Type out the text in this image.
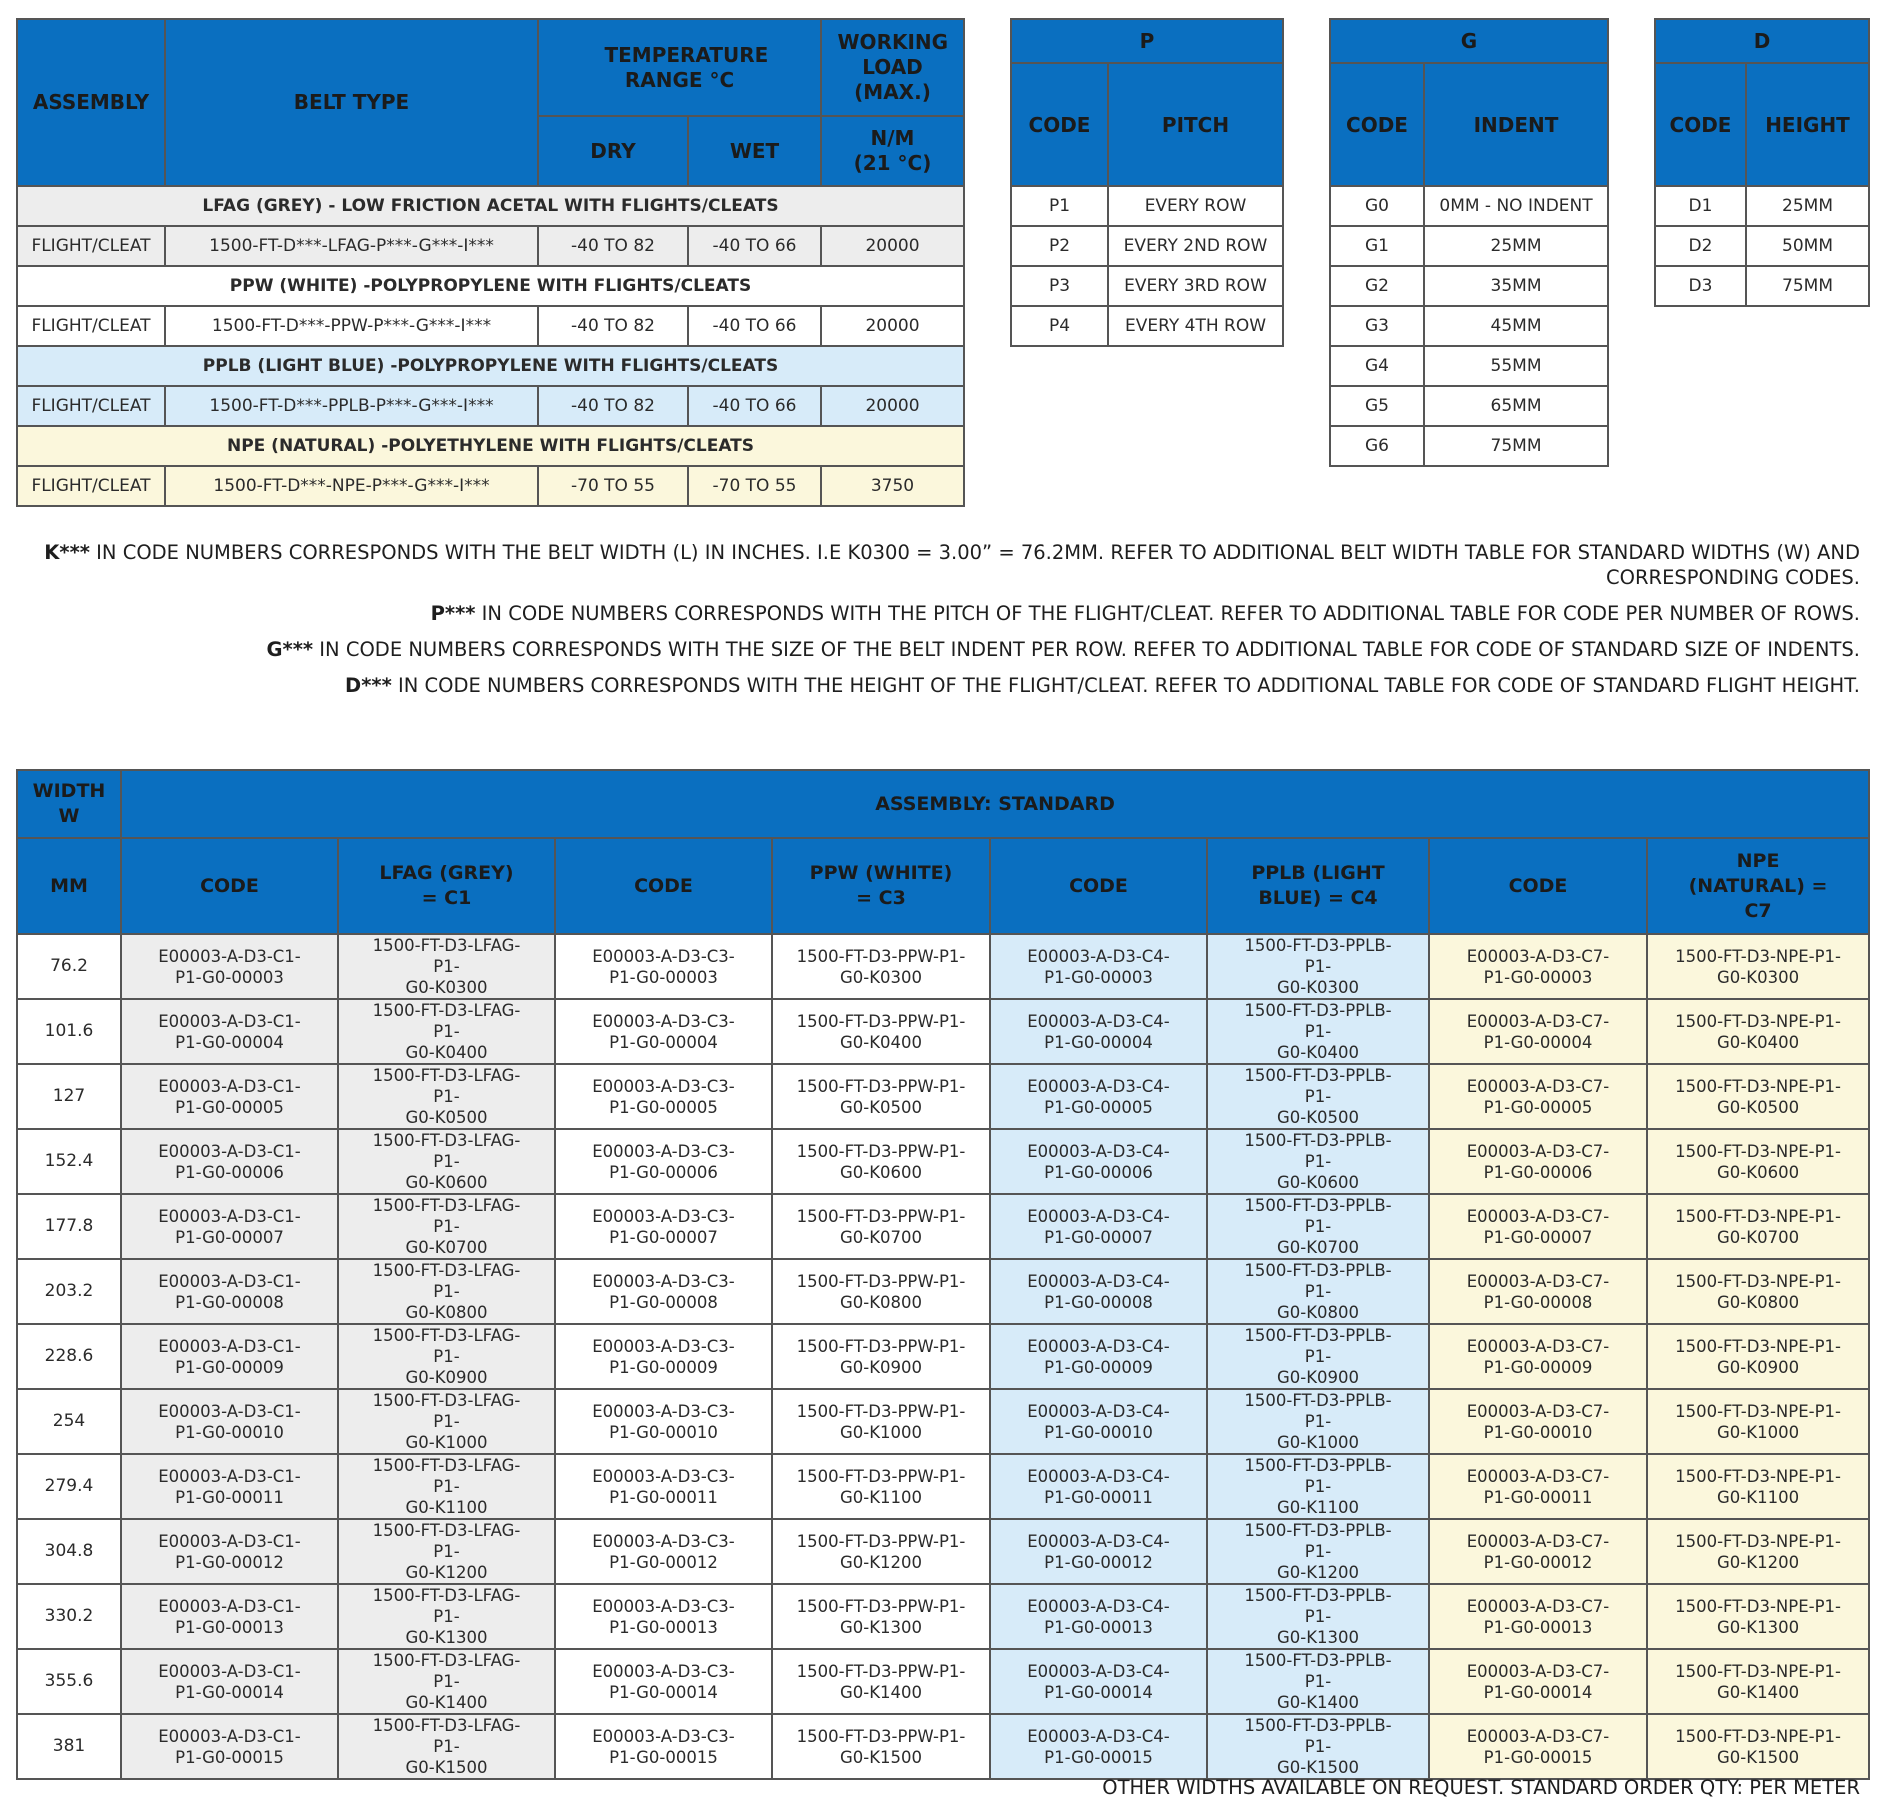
ASSEMBLY	BELT TYPE	TEMPERATURE RANGE °C		WORKING LOAD (MAX.)

		DRY	WET	N/M (21 °C)

LFAG (GREY) - LOW FRICTION ACETAL WITH FLIGHTS/CLEATS				
FLIGHT/CLEAT	1500-FT-D***-LFAG-P***-G***-I***	-40 TO 82	-40 TO 66	20000
PPW (WHITE) -POLYPROPYLENE WITH FLIGHTS/CLEATS				
FLIGHT/CLEAT	1500-FT-D***-PPW-P***-G***-I***	-40 TO 82	-40 TO 66	20000
PPLB (LIGHT BLUE) -POLYPROPYLENE WITH FLIGHTS/CLEATS				
FLIGHT/CLEAT	1500-FT-D***-PPLB-P***-G***-I***	-40 TO 82	-40 TO 66	20000
NPE (NATURAL) -POLYETHYLENE WITH FLIGHTS/CLEATS				
FLIGHT/CLEAT	1500-FT-D***-NPE-P***-G***-I***	-70 TO 55	-70 TO 55	3750
P	
CODE	PITCH
P1	EVERY ROW
P2	EVERY 2ND ROW
P3	EVERY 3RD ROW
P4	EVERY 4TH ROW
G	
CODE	INDENT
G0	0MM - NO INDENT
G1	25MM
G2	35MM
G3	45MM
G4	55MM
G5	65MM
G6	75MM
D	
CODE	HEIGHT
D1	25MM
D2	50MM
D3	75MM

K*** IN CODE NUMBERS CORRESPONDS WITH THE BELT WIDTH (L) IN INCHES. I.E K0300 = 3.00” = 76.2MM. REFER TO ADDITIONAL BELT WIDTH TABLE FOR STANDARD WIDTHS (W) AND CORRESPONDING CODES.

P*** IN CODE NUMBERS CORRESPONDS WITH THE PITCH OF THE FLIGHT/CLEAT. REFER TO ADDITIONAL TABLE FOR CODE PER NUMBER OF ROWS.

G*** IN CODE NUMBERS CORRESPONDS WITH THE SIZE OF THE BELT INDENT PER ROW. REFER TO ADDITIONAL TABLE FOR CODE OF STANDARD SIZE OF INDENTS.

D*** IN CODE NUMBERS CORRESPONDS WITH THE HEIGHT OF THE FLIGHT/CLEAT. REFER TO ADDITIONAL TABLE FOR CODE OF STANDARD FLIGHT HEIGHT.

WIDTH W	ASSEMBLY: STANDARD							

MM	CODE	LFAG (GREY) = C1	CODE	PPW (WHITE) = C3	CODE	PPLB (LIGHT BLUE) = C4	CODE	NPE (NATURAL) = C7

76.2	E00003-A-D3-C1-
P1-G0-00003	1500-FT-D3-LFAG-P1-
G0-K0300	E00003-A-D3-C3-
P1-G0-00003	1500-FT-D3-PPW-P1-
G0-K0300	E00003-A-D3-C4-
P1-G0-00003	1500-FT-D3-PPLB-P1-
G0-K0300	E00003-A-D3-C7-
P1-G0-00003	1500-FT-D3-NPE-P1-
G0-K0300

101.6	E00003-A-D3-C1-
P1-G0-00004	1500-FT-D3-LFAG-P1-
G0-K0400	E00003-A-D3-C3-
P1-G0-00004	1500-FT-D3-PPW-P1-
G0-K0400	E00003-A-D3-C4-
P1-G0-00004	1500-FT-D3-PPLB-P1-
G0-K0400	E00003-A-D3-C7-
P1-G0-00004	1500-FT-D3-NPE-P1-
G0-K0400

127	E00003-A-D3-C1-
P1-G0-00005	1500-FT-D3-LFAG-P1-
G0-K0500	E00003-A-D3-C3-
P1-G0-00005	1500-FT-D3-PPW-P1-
G0-K0500	E00003-A-D3-C4-
P1-G0-00005	1500-FT-D3-PPLB-P1-
G0-K0500	E00003-A-D3-C7-
P1-G0-00005	1500-FT-D3-NPE-P1-
G0-K0500

152.4	E00003-A-D3-C1-
P1-G0-00006	1500-FT-D3-LFAG-P1-
G0-K0600	E00003-A-D3-C3-
P1-G0-00006	1500-FT-D3-PPW-P1-
G0-K0600	E00003-A-D3-C4-
P1-G0-00006	1500-FT-D3-PPLB-P1-
G0-K0600	E00003-A-D3-C7-
P1-G0-00006	1500-FT-D3-NPE-P1-
G0-K0600

177.8	E00003-A-D3-C1-
P1-G0-00007	1500-FT-D3-LFAG-P1-
G0-K0700	E00003-A-D3-C3-
P1-G0-00007	1500-FT-D3-PPW-P1-
G0-K0700	E00003-A-D3-C4-
P1-G0-00007	1500-FT-D3-PPLB-P1-
G0-K0700	E00003-A-D3-C7-
P1-G0-00007	1500-FT-D3-NPE-P1-
G0-K0700

203.2	E00003-A-D3-C1-
P1-G0-00008	1500-FT-D3-LFAG-P1-
G0-K0800	E00003-A-D3-C3-
P1-G0-00008	1500-FT-D3-PPW-P1-
G0-K0800	E00003-A-D3-C4-
P1-G0-00008	1500-FT-D3-PPLB-P1-
G0-K0800	E00003-A-D3-C7-
P1-G0-00008	1500-FT-D3-NPE-P1-
G0-K0800

228.6	E00003-A-D3-C1-
P1-G0-00009	1500-FT-D3-LFAG-P1-
G0-K0900	E00003-A-D3-C3-
P1-G0-00009	1500-FT-D3-PPW-P1-
G0-K0900	E00003-A-D3-C4-
P1-G0-00009	1500-FT-D3-PPLB-P1-
G0-K0900	E00003-A-D3-C7-
P1-G0-00009	1500-FT-D3-NPE-P1-
G0-K0900

254	E00003-A-D3-C1-
P1-G0-00010	1500-FT-D3-LFAG-P1-
G0-K1000	E00003-A-D3-C3-
P1-G0-00010	1500-FT-D3-PPW-P1-
G0-K1000	E00003-A-D3-C4-
P1-G0-00010	1500-FT-D3-PPLB-P1-
G0-K1000	E00003-A-D3-C7-
P1-G0-00010	1500-FT-D3-NPE-P1-
G0-K1000

279.4	E00003-A-D3-C1-
P1-G0-00011	1500-FT-D3-LFAG-P1-
G0-K1100	E00003-A-D3-C3-
P1-G0-00011	1500-FT-D3-PPW-P1-
G0-K1100	E00003-A-D3-C4-
P1-G0-00011	1500-FT-D3-PPLB-P1-
G0-K1100	E00003-A-D3-C7-
P1-G0-00011	1500-FT-D3-NPE-P1-
G0-K1100

304.8	E00003-A-D3-C1-
P1-G0-00012	1500-FT-D3-LFAG-P1-
G0-K1200	E00003-A-D3-C3-
P1-G0-00012	1500-FT-D3-PPW-P1-
G0-K1200	E00003-A-D3-C4-
P1-G0-00012	1500-FT-D3-PPLB-P1-
G0-K1200	E00003-A-D3-C7-
P1-G0-00012	1500-FT-D3-NPE-P1-
G0-K1200

330.2	E00003-A-D3-C1-
P1-G0-00013	1500-FT-D3-LFAG-P1-
G0-K1300	E00003-A-D3-C3-
P1-G0-00013	1500-FT-D3-PPW-P1-
G0-K1300	E00003-A-D3-C4-
P1-G0-00013	1500-FT-D3-PPLB-P1-
G0-K1300	E00003-A-D3-C7-
P1-G0-00013	1500-FT-D3-NPE-P1-
G0-K1300

355.6	E00003-A-D3-C1-
P1-G0-00014	1500-FT-D3-LFAG-P1-
G0-K1400	E00003-A-D3-C3-
P1-G0-00014	1500-FT-D3-PPW-P1-
G0-K1400	E00003-A-D3-C4-
P1-G0-00014	1500-FT-D3-PPLB-P1-
G0-K1400	E00003-A-D3-C7-
P1-G0-00014	1500-FT-D3-NPE-P1-
G0-K1400

381	E00003-A-D3-C1-
P1-G0-00015	1500-FT-D3-LFAG-P1-
G0-K1500	E00003-A-D3-C3-
P1-G0-00015	1500-FT-D3-PPW-P1-
G0-K1500	E00003-A-D3-C4-
P1-G0-00015	1500-FT-D3-PPLB-P1-
G0-K1500	E00003-A-D3-C7-
P1-G0-00015	1500-FT-D3-NPE-P1-
G0-K1500
OTHER WIDTHS AVAILABLE ON REQUEST. STANDARD ORDER QTY: PER METER
